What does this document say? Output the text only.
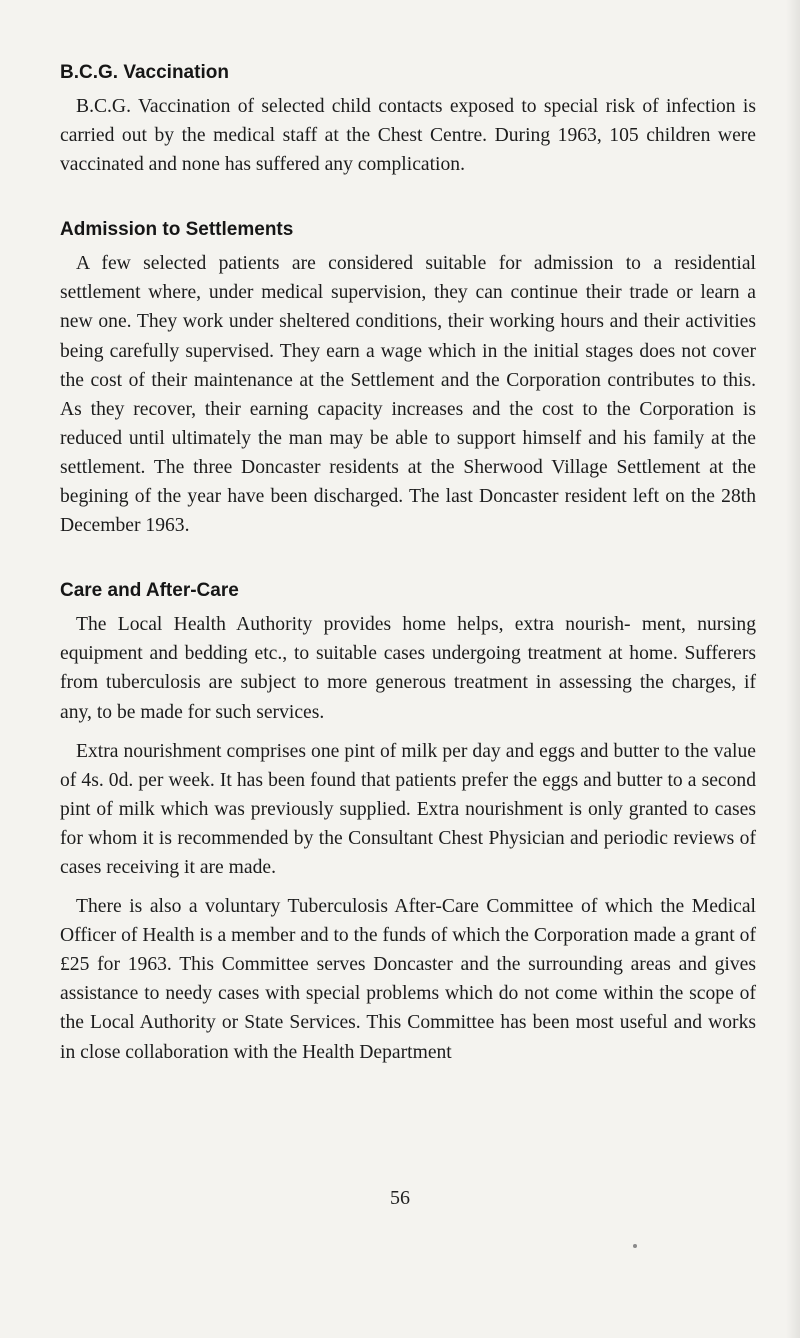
B.C.G. Vaccination

B.C.G. Vaccination of selected child contacts exposed to special risk of infection is carried out by the medical staff at the Chest Centre. During 1963, 105 children were vaccinated and none has suffered any complication.

Admission to Settlements

A few selected patients are considered suitable for admission to a residential settlement where, under medical supervision, they can continue their trade or learn a new one. They work under sheltered conditions, their working hours and their activities being carefully supervised. They earn a wage which in the initial stages does not cover the cost of their maintenance at the Settlement and the Corporation contributes to this. As they recover, their earning capacity increases and the cost to the Corporation is reduced until ultimately the man may be able to support himself and his family at the settlement. The three Doncaster residents at the Sherwood Village Settlement at the begining of the year have been discharged. The last Doncaster resident left on the 28th December 1963.

Care and After-Care

The Local Health Authority provides home helps, extra nourish- ment, nursing equipment and bedding etc., to suitable cases undergoing treatment at home. Sufferers from tuberculosis are subject to more generous treatment in assessing the charges, if any, to be made for such services.

Extra nourishment comprises one pint of milk per day and eggs and butter to the value of 4s. 0d. per week. It has been found that patients prefer the eggs and butter to a second pint of milk which was previously supplied. Extra nourishment is only granted to cases for whom it is recommended by the Consultant Chest Physician and periodic reviews of cases receiving it are made.

There is also a voluntary Tuberculosis After-Care Committee of which the Medical Officer of Health is a member and to the funds of which the Corporation made a grant of £25 for 1963. This Committee serves Doncaster and the surrounding areas and gives assistance to needy cases with special problems which do not come within the scope of the Local Authority or State Services. This Committee has been most useful and works in close collaboration with the Health Department

56
